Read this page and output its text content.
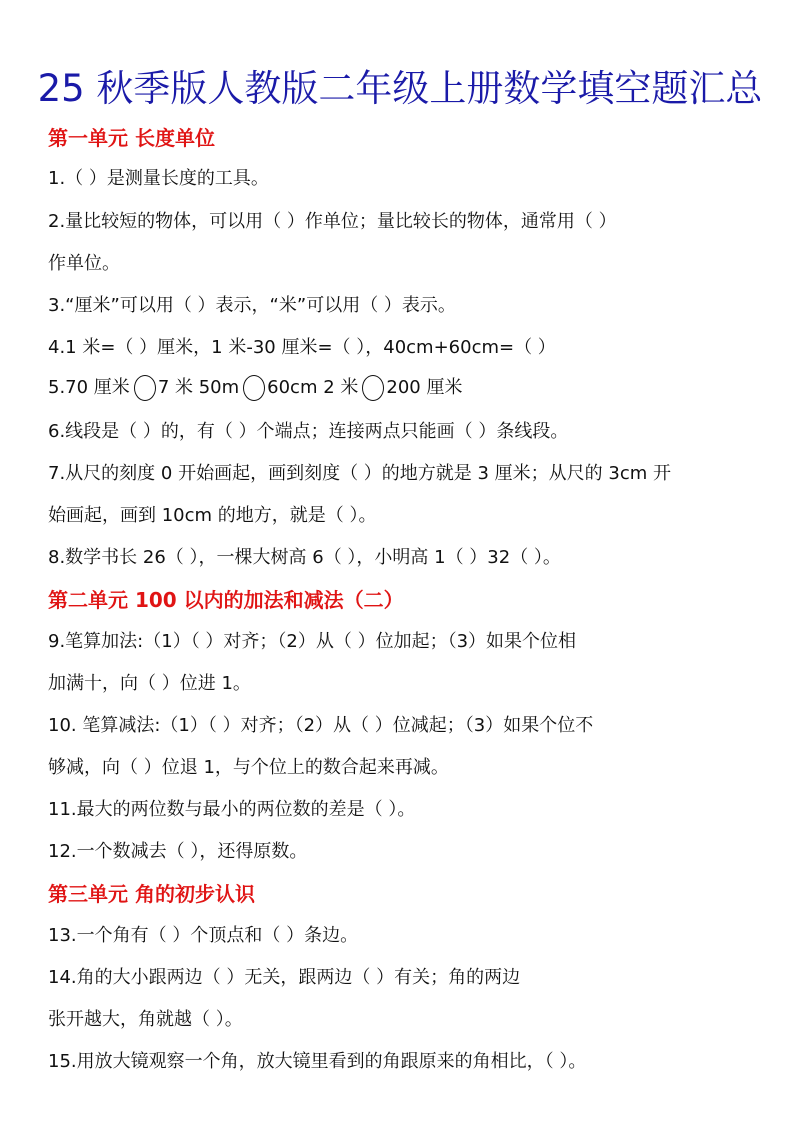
25 秋季版人教版二年级上册数学填空题汇总
第一单元 长度单位
1.（ ）是测量长度的工具。
2.量比较短的物体，可以用（ ）作单位；量比较长的物体，通常用（ ）
作单位。
3.“厘米”可以用（ ）表示，“米”可以用（ ）表示。
4.1 米=（ ）厘米，1 米-30 厘米=（ ），40cm+60cm=（ ）
5.70 厘米 7 米 50m 60cm 2 米 200 厘米
6.线段是（ ）的，有（ ）个端点；连接两点只能画（ ）条线段。
7.从尺的刻度 0 开始画起，画到刻度（ ）的地方就是 3 厘米；从尺的 3cm 开
始画起，画到 10cm 的地方，就是（ ）。
8.数学书长 26（ ），一棵大树高 6（ ），小明高 1（ ）32（ ）。
第二单元 100 以内的加法和减法（二）
9.笔算加法:（1）（ ）对齐；（2）从（ ）位加起；（3）如果个位相
加满十，向（ ）位进 1。
10. 笔算减法:（1）（ ）对齐；（2）从（ ）位减起；（3）如果个位不
够减，向（ ）位退 1，与个位上的数合起来再减。
11.最大的两位数与最小的两位数的差是（ ）。
12.一个数减去（ ），还得原数。
第三单元 角的初步认识
13.一个角有（ ）个顶点和（ ）条边。
14.角的大小跟两边（ ）无关，跟两边（ ）有关；角的两边
张开越大，角就越（ ）。
15.用放大镜观察一个角，放大镜里看到的角跟原来的角相比，（ ）。
